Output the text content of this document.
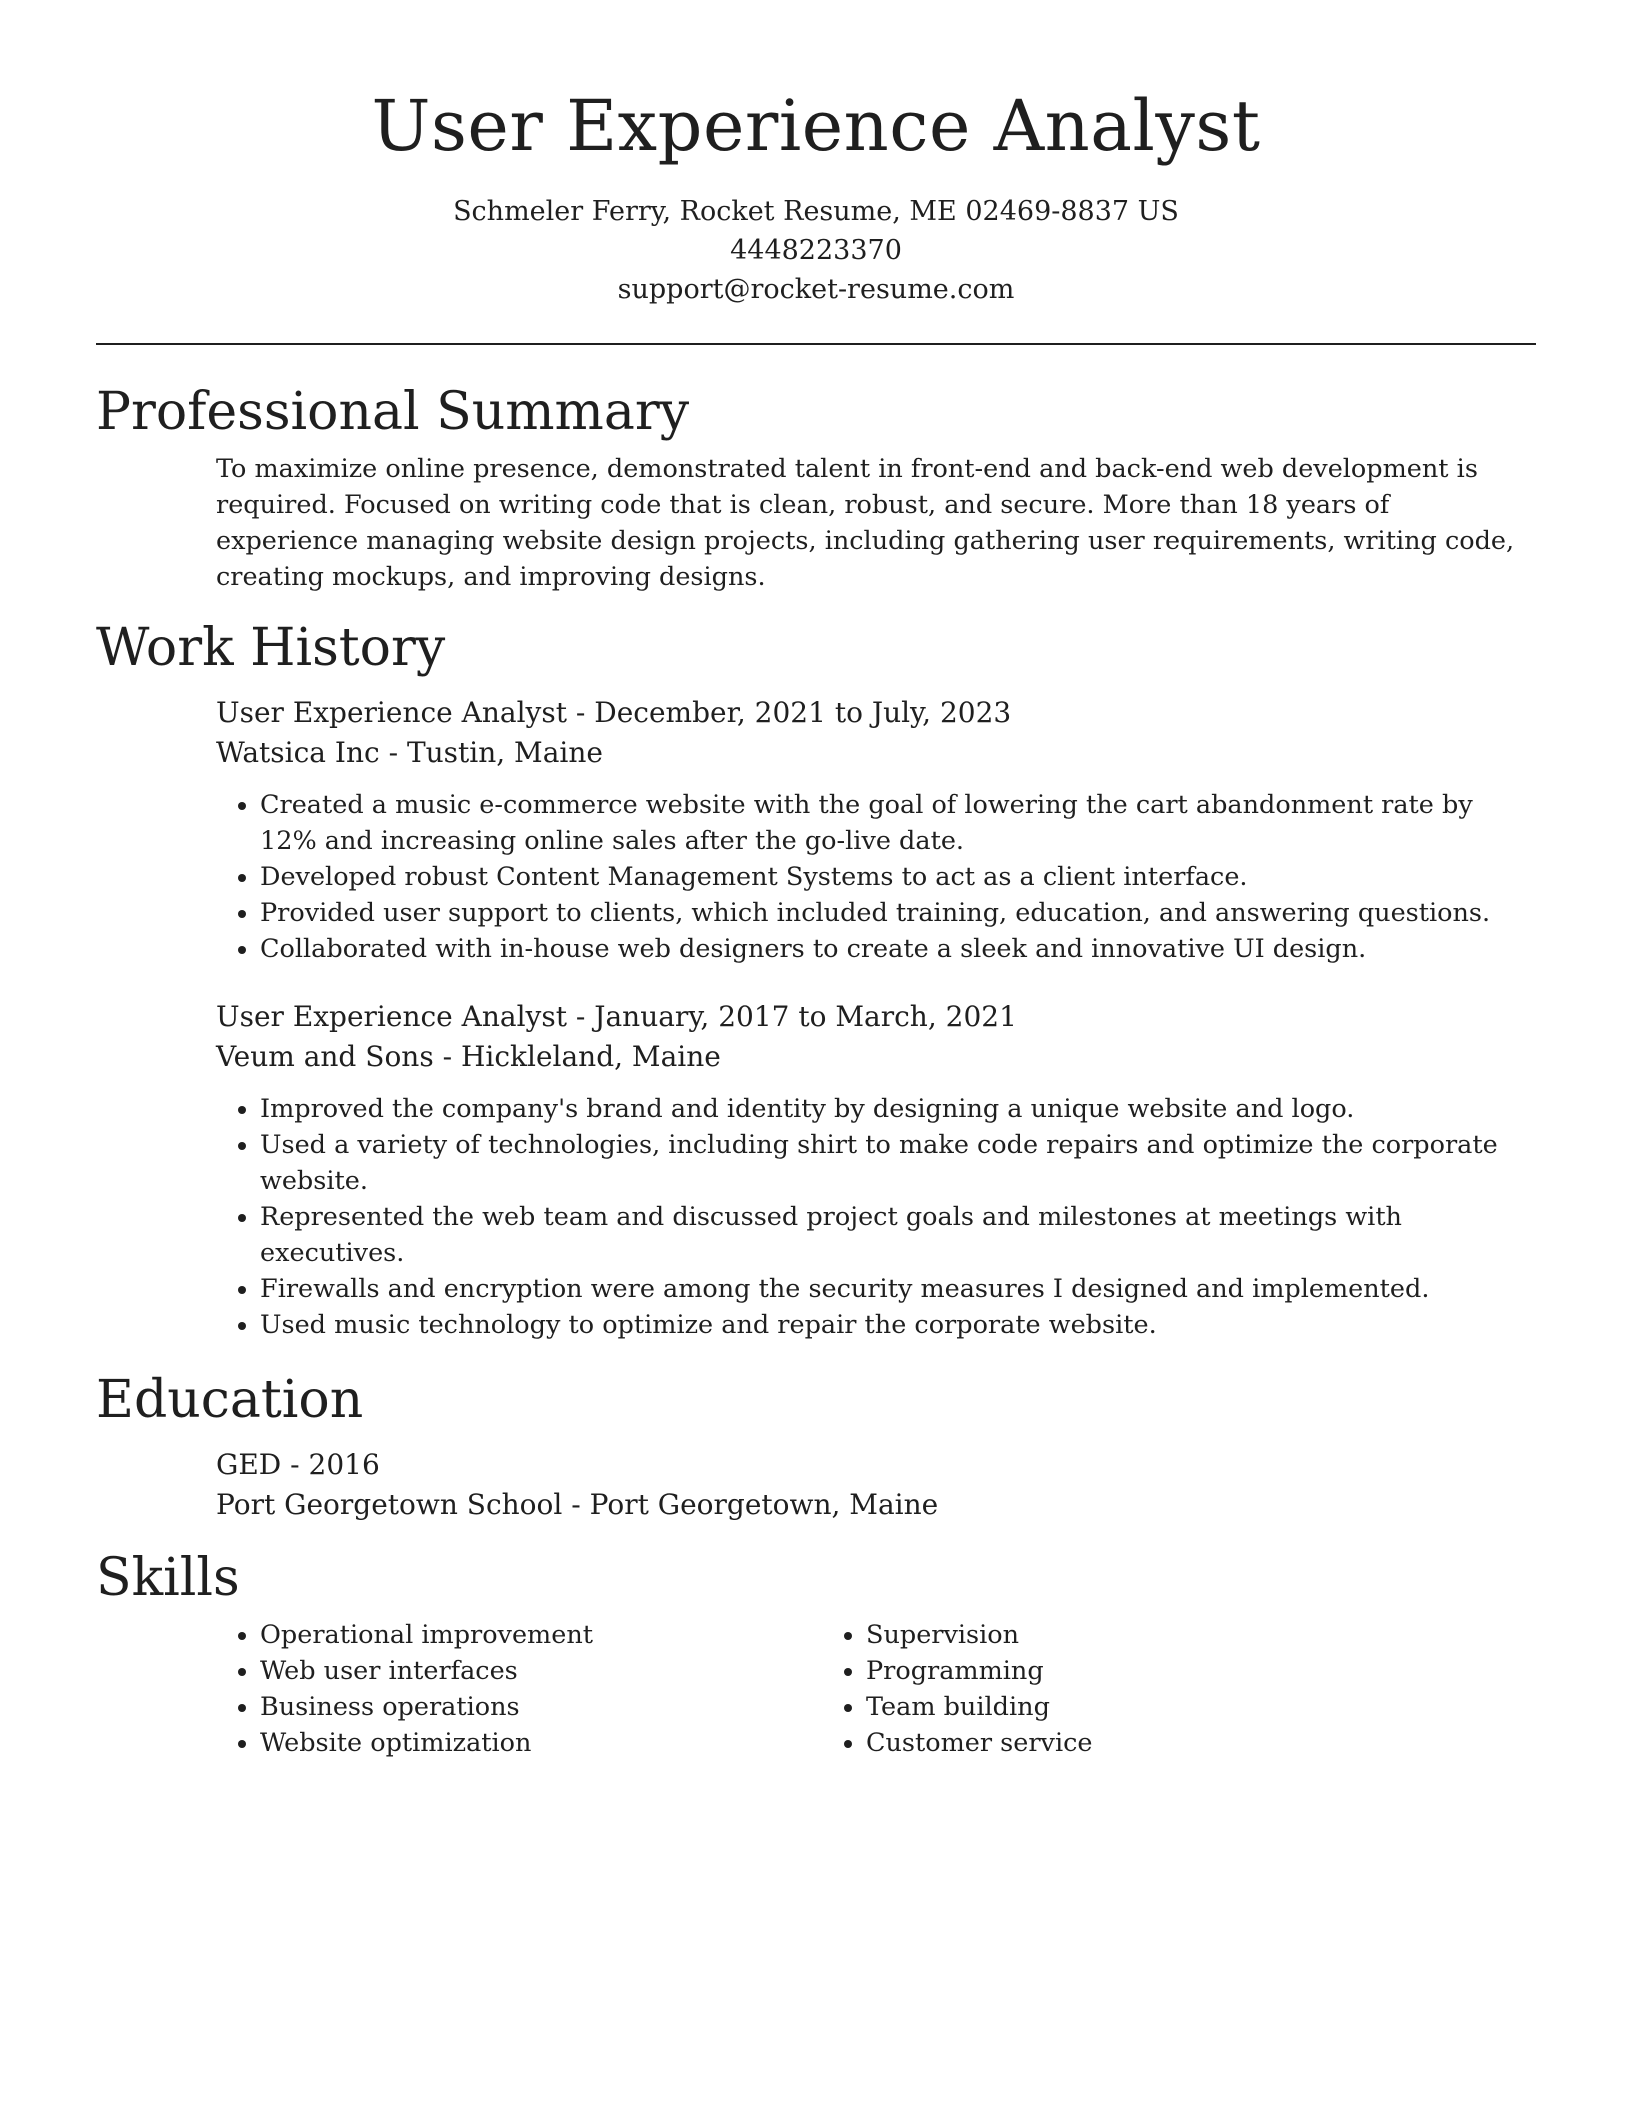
User Experience Analyst
Schmeler Ferry, Rocket Resume, ME 02469-8837 US
4448223370
support@rocket-resume.com
Professional Summary

To maximize online presence, demonstrated talent in front-end and back-end web development is required. Focused on writing code that is clean, robust, and secure. More than 18 years of experience managing website design projects, including gathering user requirements, writing code, creating mockups, and improving designs.

Work History
User Experience Analyst - December, 2021 to July, 2023
Watsica Inc - Tustin, Maine
• Created a music e-commerce website with the goal of lowering the cart abandonment rate by 12% and increasing online sales after the go-live date.
• Developed robust Content Management Systems to act as a client interface.
• Provided user support to clients, which included training, education, and answering questions.
• Collaborated with in-house web designers to create a sleek and innovative UI design.
User Experience Analyst - January, 2017 to March, 2021
Veum and Sons - Hickleland, Maine
• Improved the company's brand and identity by designing a unique website and logo.
• Used a variety of technologies, including shirt to make code repairs and optimize the corporate website.
• Represented the web team and discussed project goals and milestones at meetings with executives.
• Firewalls and encryption were among the security measures I designed and implemented.
• Used music technology to optimize and repair the corporate website.
Education
GED - 2016
Port Georgetown School - Port Georgetown, Maine
Skills
• Operational improvement
• Web user interfaces
• Business operations
• Website optimization
• Supervision
• Programming
• Team building
• Customer service
